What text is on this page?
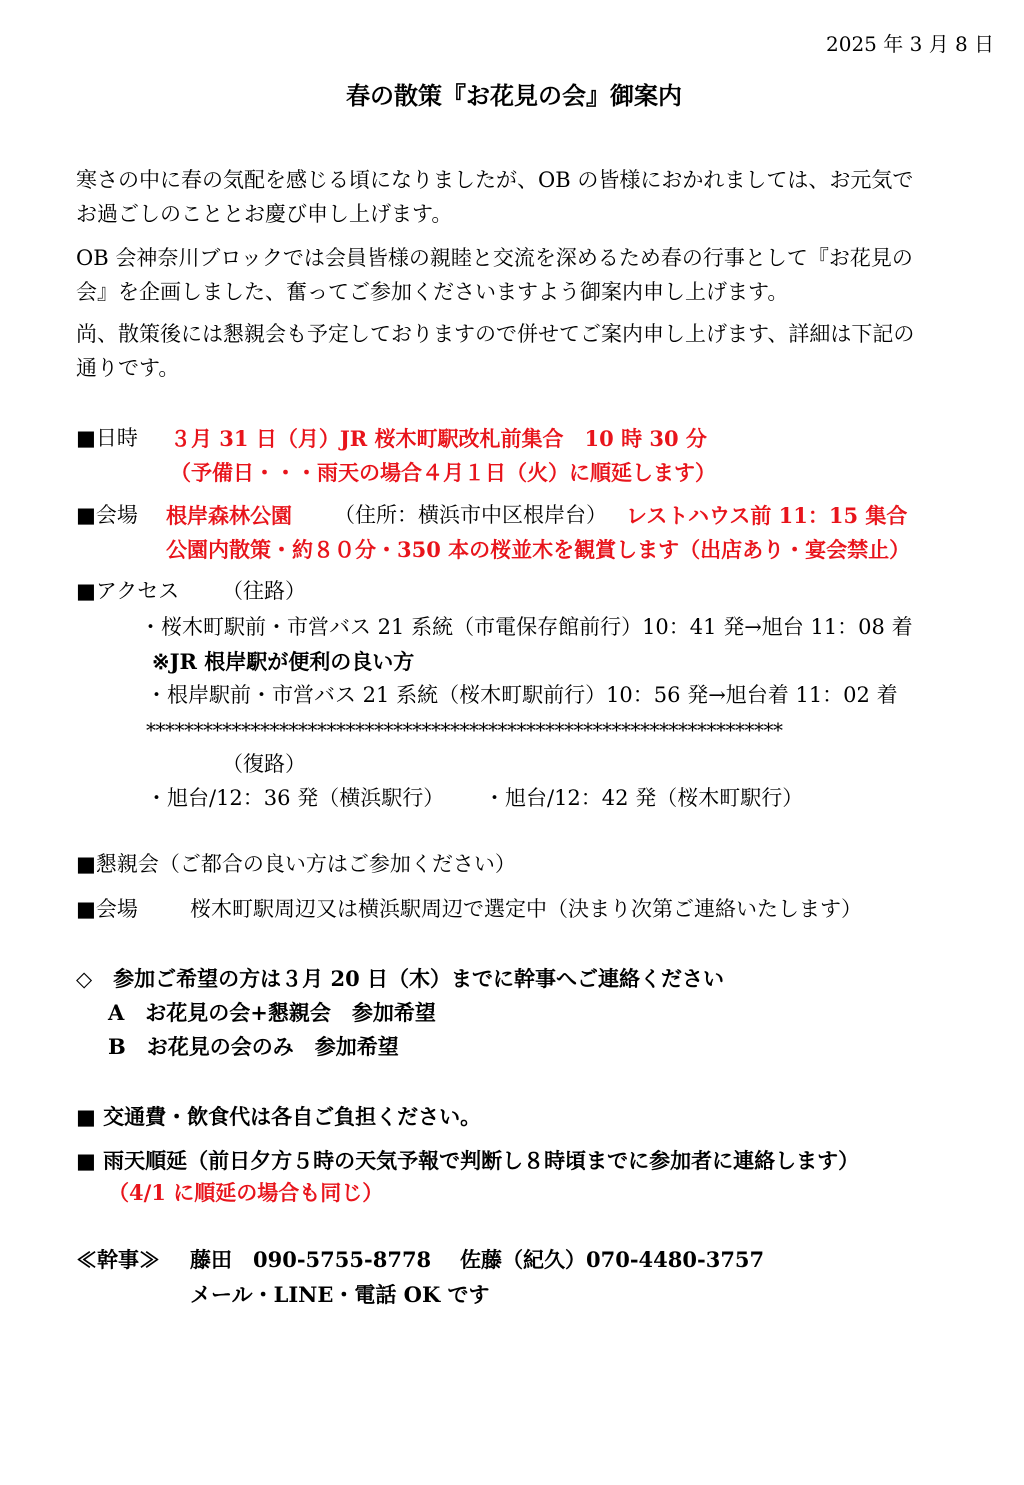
2025 年 3 月 8 日
春の散策『お花見の会』御案内
寒さの中に春の気配を感じる頃になりましたが、OB の皆様におかれましては、お元気で
お過ごしのこととお慶び申し上げます。
OB 会神奈川ブロックでは会員皆様の親睦と交流を深めるため春の行事として『お花見の
会』を企画しました、奮ってご参加くださいますよう御案内申し上げます。
尚、散策後には懇親会も予定しておりますので併せてご案内申し上げます、詳細は下記の
通りです。
■日時 ３月 31 日（月）JR 桜木町駅改札前集合　10 時 30 分
（予備日・・・雨天の場合４月１日（火）に順延します）
■会場 根岸森林公園 （住所：横浜市中区根岸台） レストハウス前 11：15 集合
公園内散策・約８０分・350 本の桜並木を観賞します（出店あり・宴会禁止）
■アクセス （往路）
・桜木町駅前・市営バス 21 系統（市電保存館前行）10：41 発→旭台 11：08 着
※JR 根岸駅が便利の良い方
・根岸駅前・市営バス 21 系統（桜木町駅前行）10：56 発→旭台着 11：02 着
*******************************************************************
（復路）
・旭台/12：36 発（横浜駅行） ・旭台/12：42 発（桜木町駅行）
■懇親会（ご都合の良い方はご参加ください）
■会場 桜木町駅周辺又は横浜駅周辺で選定中（決まり次第ご連絡いたします）
◇　参加ご希望の方は３月 20 日（木）までに幹事へご連絡ください
A　お花見の会+懇親会　参加希望
B　お花見の会のみ　参加希望
■ 交通費・飲食代は各自ご負担ください。
■ 雨天順延（前日夕方５時の天気予報で判断し８時頃までに参加者に連絡します）
（4/1 に順延の場合も同じ）
≪幹事≫ 藤田　090-5755-8778 佐藤（紀久）070-4480-3757
メール・LINE・電話 OK です
